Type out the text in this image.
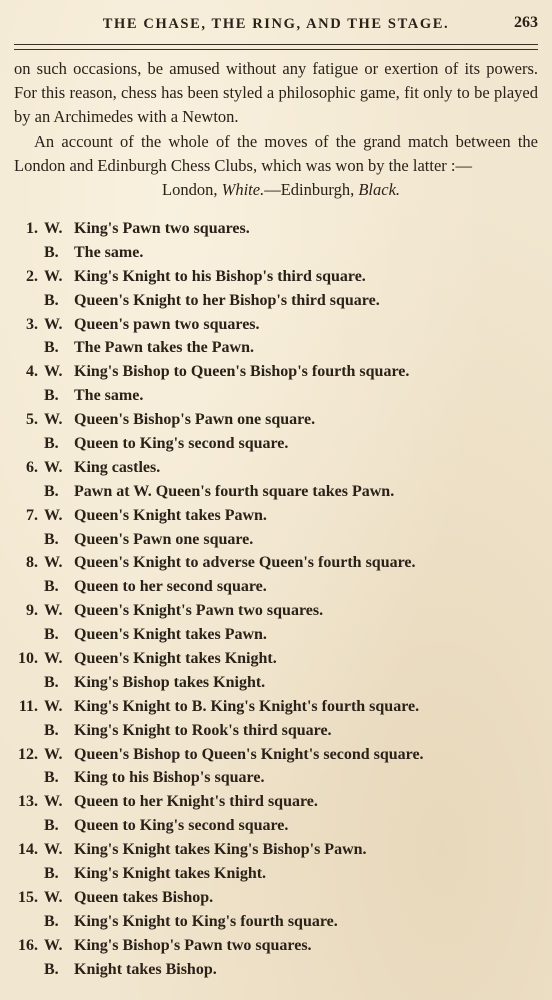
THE CHASE, THE RING, AND THE STAGE.	263

on such occasions, be amused without any fatigue or exertion of its powers. For this reason, chess has been styled a philosophic game, fit only to be played by an Archimedes with a Newton.

An account of the whole of the moves of the grand match between the London and Edinburgh Chess Clubs, which was won by the latter :—

London, White.—Edinburgh, Black.

1. W. King's Pawn two squares.
B. The same.
2. W. King's Knight to his Bishop's third square.
B. Queen's Knight to her Bishop's third square.
3. W. Queen's pawn two squares.
B. The Pawn takes the Pawn.
4. W. King's Bishop to Queen's Bishop's fourth square.
B. The same.
5. W. Queen's Bishop's Pawn one square.
B. Queen to King's second square.
6. W. King castles.
B. Pawn at W. Queen's fourth square takes Pawn.
7. W. Queen's Knight takes Pawn.
B. Queen's Pawn one square.
8. W. Queen's Knight to adverse Queen's fourth square.
B. Queen to her second square.
9. W. Queen's Knight's Pawn two squares.
B. Queen's Knight takes Pawn.
10. W. Queen's Knight takes Knight.
B. King's Bishop takes Knight.
11. W. King's Knight to B. King's Knight's fourth square.
B. King's Knight to Rook's third square.
12. W. Queen's Bishop to Queen's Knight's second square.
B. King to his Bishop's square.
13. W. Queen to her Knight's third square.
B. Queen to King's second square.
14. W. King's Knight takes King's Bishop's Pawn.
B. King's Knight takes Knight.
15. W. Queen takes Bishop.
B. King's Knight to King's fourth square.
16. W. King's Bishop's Pawn two squares.
B. Knight takes Bishop.
